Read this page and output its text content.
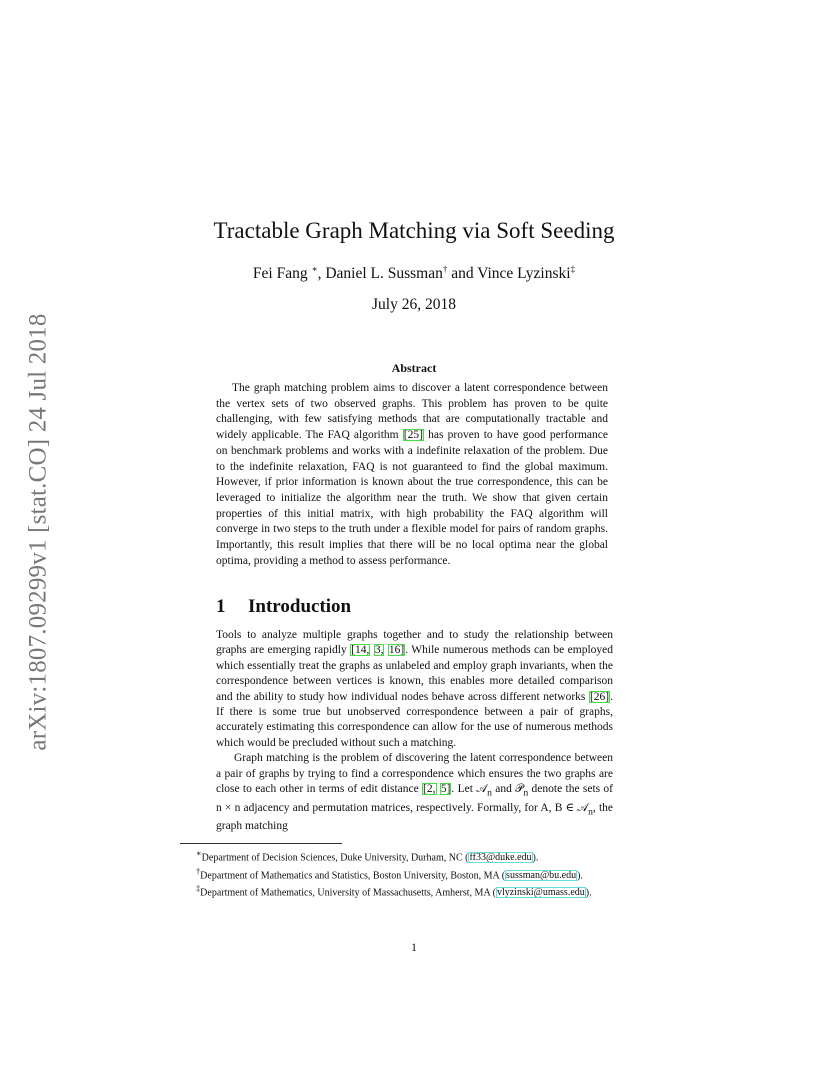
arXiv:1807.09299v1 [stat.CO] 24 Jul 2018
Tractable Graph Matching via Soft Seeding
Fei Fang ∗, Daniel L. Sussman† and Vince Lyzinski‡
July 26, 2018
Abstract

The graph matching problem aims to discover a latent correspondence between the vertex sets of two observed graphs. This problem has proven to be quite challenging, with few satisfying methods that are computationally tractable and widely applicable. The FAQ algorithm [25] has proven to have good performance on benchmark problems and works with a indefinite relaxation of the problem. Due to the indefinite relaxation, FAQ is not guaranteed to find the global maximum. However, if prior information is known about the true correspondence, this can be leveraged to initialize the algorithm near the truth. We show that given certain properties of this initial matrix, with high probability the FAQ algorithm will converge in two steps to the truth under a flexible model for pairs of random graphs. Importantly, this result implies that there will be no local optima near the global optima, providing a method to assess performance.

1 Introduction

Tools to analyze multiple graphs together and to study the relationship between graphs are emerging rapidly [14, 3, 16]. While numerous methods can be employed which essentially treat the graphs as unlabeled and employ graph invariants, when the correspondence between vertices is known, this enables more detailed comparison and the ability to study how individual nodes behave across different networks [26]. If there is some true but unobserved correspondence between a pair of graphs, accurately estimating this correspondence can allow for the use of numerous methods which would be precluded without such a matching.

Graph matching is the problem of discovering the latent correspondence between a pair of graphs by trying to find a correspondence which ensures the two graphs are close to each other in terms of edit distance [2, 5]. Let 𝒜$_n$ and 𝒫$_n$ denote the sets of n × n adjacency and permutation matrices, respectively. Formally, for A, B ∈ 𝒜$_n$, the graph matching

∗Department of Decision Sciences, Duke University, Durham, NC (ff33@duke.edu).

†Department of Mathematics and Statistics, Boston University, Boston, MA (sussman@bu.edu).

‡Department of Mathematics, University of Massachusetts, Amherst, MA (vlyzinski@umass.edu).

1
